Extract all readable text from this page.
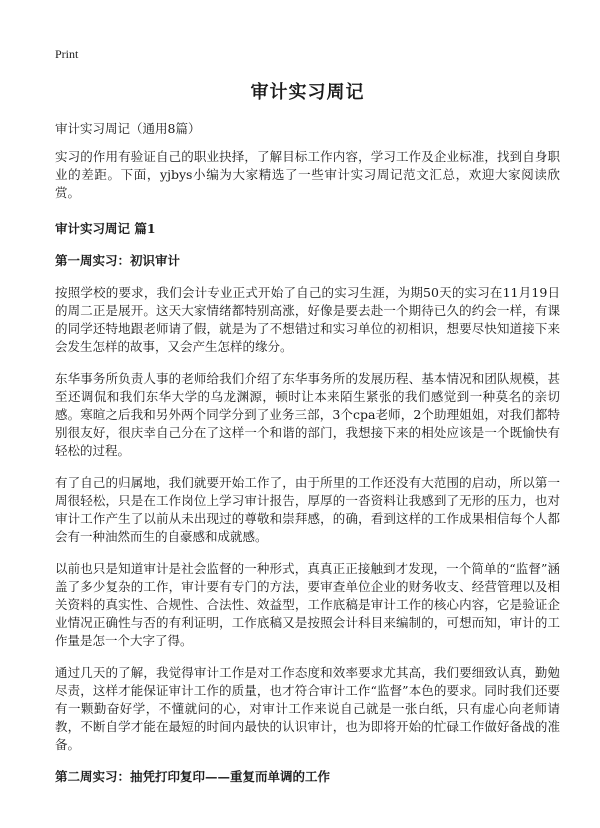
Print
审计实习周记
审计实习周记（通用8篇）

实习的作用有验证自己的职业抉择，了解目标工作内容，学习工作及企业标准，找到自身职业的差距。下面，yjbys小编为大家精选了一些审计实习周记范文汇总，欢迎大家阅读欣赏。

审计实习周记 篇1
第一周实习：初识审计

按照学校的要求，我们会计专业正式开始了自己的实习生涯，为期50天的实习在11月19日的周二正是展开。这天大家情绪都特别高涨，好像是要去赴一个期待已久的约会一样，有课的同学还特地跟老师请了假，就是为了不想错过和实习单位的初相识，想要尽快知道接下来会发生怎样的故事，又会产生怎样的缘分。

东华事务所负责人事的老师给我们介绍了东华事务所的发展历程、基本情况和团队规模，甚至还调侃和我们东华大学的乌龙渊源，顿时让本来陌生紧张的我们感觉到一种莫名的亲切感。寒暄之后我和另外两个同学分到了业务三部，3个cpa老师，2个助理姐姐，对我们都特别很友好，很庆幸自己分在了这样一个和谐的部门，我想接下来的相处应该是一个既愉快有轻松的过程。

有了自己的归属地，我们就要开始工作了，由于所里的工作还没有大范围的启动，所以第一周很轻松，只是在工作岗位上学习审计报告，厚厚的一沓资料让我感到了无形的压力，也对审计工作产生了以前从未出现过的尊敬和崇拜感，的确，看到这样的工作成果相信每个人都会有一种油然而生的自豪感和成就感。

以前也只是知道审计是社会监督的一种形式，真真正正接触到才发现，一个简单的“监督”涵盖了多少复杂的工作，审计要有专门的方法，要审查单位企业的财务收支、经营管理以及相关资料的真实性、合规性、合法性、效益型，工作底稿是审计工作的核心内容，它是验证企业情况正确性与否的有利证明，工作底稿又是按照会计科目来编制的，可想而知，审计的工作量是怎一个大字了得。

通过几天的了解，我觉得审计工作是对工作态度和效率要求尤其高，我们要细致认真，勤勉尽责，这样才能保证审计工作的质量，也才符合审计工作“监督”本色的要求。同时我们还要有一颗勤奋好学，不懂就问的心，对审计工作来说自己就是一张白纸，只有虚心向老师请教，不断自学才能在最短的时间内最快的认识审计，也为即将开始的忙碌工作做好备战的准备。

第二周实习：抽凭打印复印——重复而单调的工作
